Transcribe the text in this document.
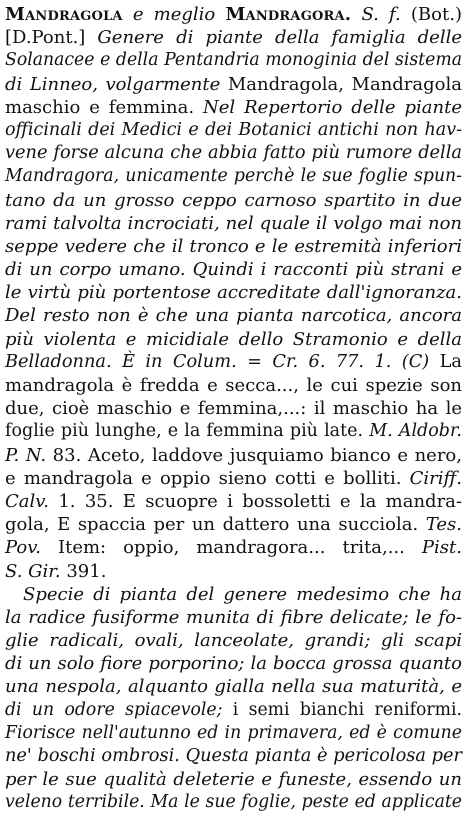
Mandragola e meglio Mandragora. S. f. (Bot.)
[D.Pont.] Genere di piante della famiglia delle
Solanacee e della Pentandria monoginia del sistema
di Linneo, volgarmente Mandragola, Mandragola
maschio e femmina. Nel Repertorio delle piante
officinali dei Medici e dei Botanici antichi non hav-
vene forse alcuna che abbia fatto più rumore della
Mandragora, unicamente perchè le sue foglie spun-
tano da un grosso ceppo carnoso spartito in due
rami talvolta incrociati, nel quale il volgo mai non
seppe vedere che il tronco e le estremità inferiori
di un corpo umano. Quindi i racconti più strani e
le virtù più portentose accreditate dall'ignoranza.
Del resto non è che una pianta narcotica, ancora
più violenta e micidiale dello Stramonio e della
Belladonna. È in Colum. = Cr. 6. 77. 1. (C) La
mandragola è fredda e secca..., le cui spezie son
due, cioè maschio e femmina,...: il maschio ha le
foglie più lunghe, e la femmina più late. M. Aldobr.
P. N. 83. Aceto, laddove jusquiamo bianco e nero,
e mandragola e oppio sieno cotti e bolliti. Ciriff.
Calv. 1. 35. E scuopre i bossoletti e la mandra-
gola, E spaccia per un dattero una succiola. Tes.
Pov. Item: oppio, mandragora... trita,... Pist.
S. Gir. 391.
Specie di pianta del genere medesimo che ha
la radice fusiforme munita di fibre delicate; le fo-
glie radicali, ovali, lanceolate, grandi; gli scapi
di un solo fiore porporino; la bocca grossa quanto
una nespola, alquanto gialla nella sua maturità, e
di un odore spiacevole; i semi bianchi reniformi.
Fiorisce nell'autunno ed in primavera, ed è comune
ne' boschi ombrosi. Questa pianta è pericolosa per
per le sue qualità deleterie e funeste, essendo un
veleno terribile. Ma le sue foglie, peste ed applicate
